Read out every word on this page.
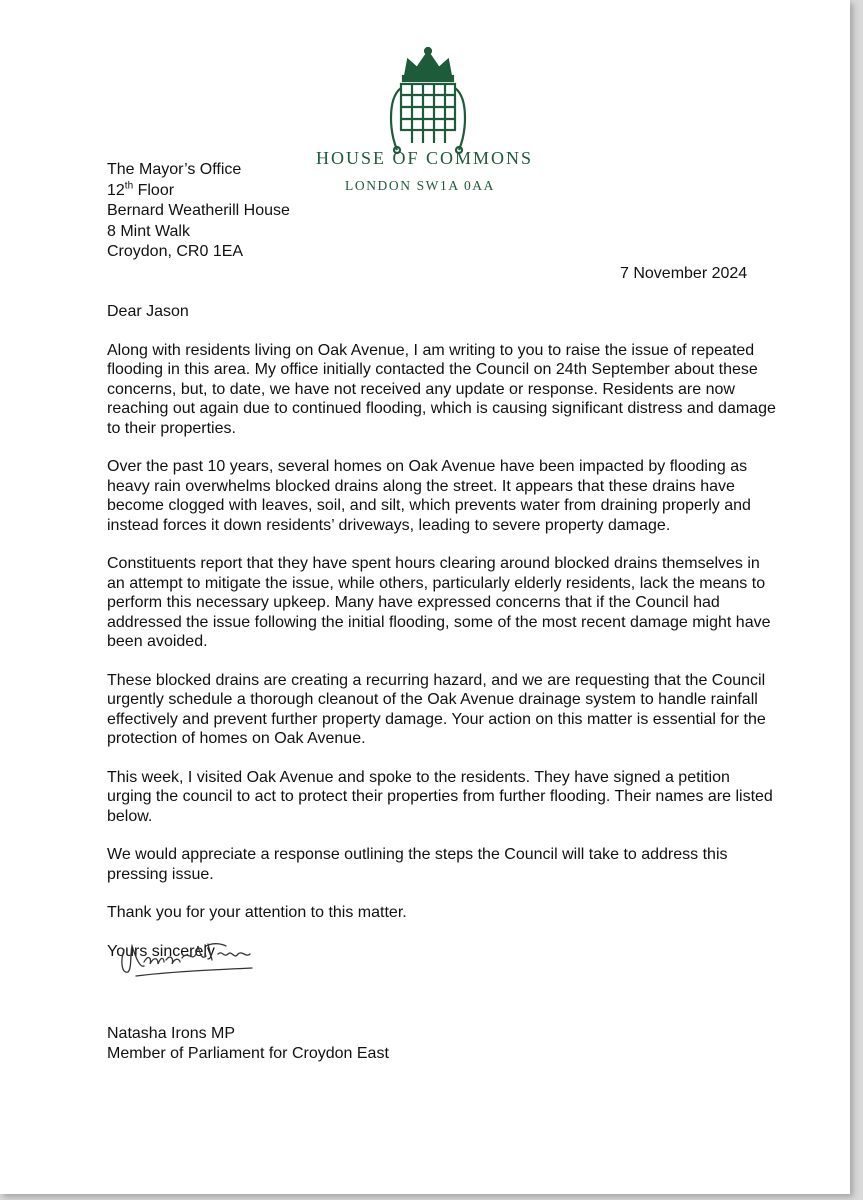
HOUSE OF COMMONS
LONDON SW1A 0AA
The Mayor’s Office
12th Floor
Bernard Weatherill House
8 Mint Walk
Croydon, CR0 1EA
7 November 2024

Dear Jason

Along with residents living on Oak Avenue, I am writing to you to raise the issue of repeated flooding in this area. My office initially contacted the Council on 24th September about these concerns, but, to date, we have not received any update or response. Residents are now reaching out again due to continued flooding, which is causing significant distress and damage to their properties.

Over the past 10 years, several homes on Oak Avenue have been impacted by flooding as heavy rain overwhelms blocked drains along the street. It appears that these drains have become clogged with leaves, soil, and silt, which prevents water from draining properly and instead forces it down residents’ driveways, leading to severe property damage.

Constituents report that they have spent hours clearing around blocked drains themselves in an attempt to mitigate the issue, while others, particularly elderly residents, lack the means to perform this necessary upkeep. Many have expressed concerns that if the Council had addressed the issue following the initial flooding, some of the most recent damage might have been avoided.

These blocked drains are creating a recurring hazard, and we are requesting that the Council urgently schedule a thorough cleanout of the Oak Avenue drainage system to handle rainfall effectively and prevent further property damage. Your action on this matter is essential for the protection of homes on Oak Avenue.

This week, I visited Oak Avenue and spoke to the residents. They have signed a petition urging the council to act to protect their properties from further flooding. Their names are listed below.

We would appreciate a response outlining the steps the Council will take to address this pressing issue.

Thank you for your attention to this matter.

Yours sincerely

Natasha Irons MP
Member of Parliament for Croydon East
